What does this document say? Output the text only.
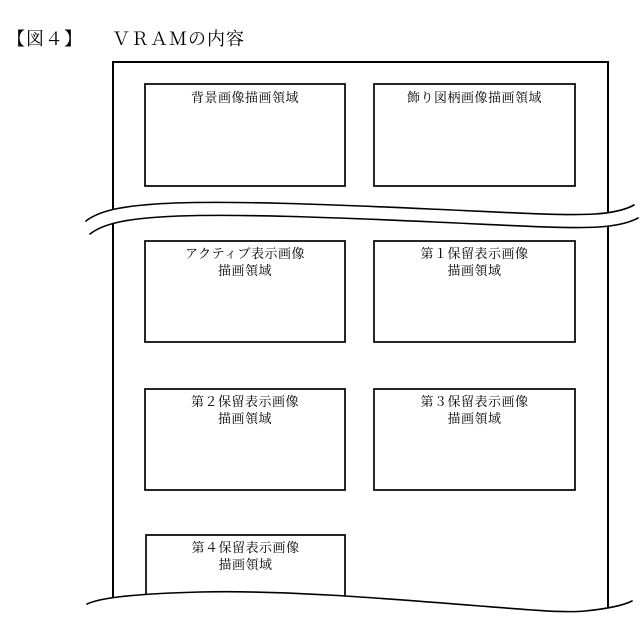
【図４】 ＶＲＡＭの内容
背景画像描画領域	飾り図柄画像描画領域
アクティブ表示画像
描画領域
第１保留表示画像
描画領域
第２保留表示画像
描画領域
第３保留表示画像
描画領域
第４保留表示画像
描画領域
